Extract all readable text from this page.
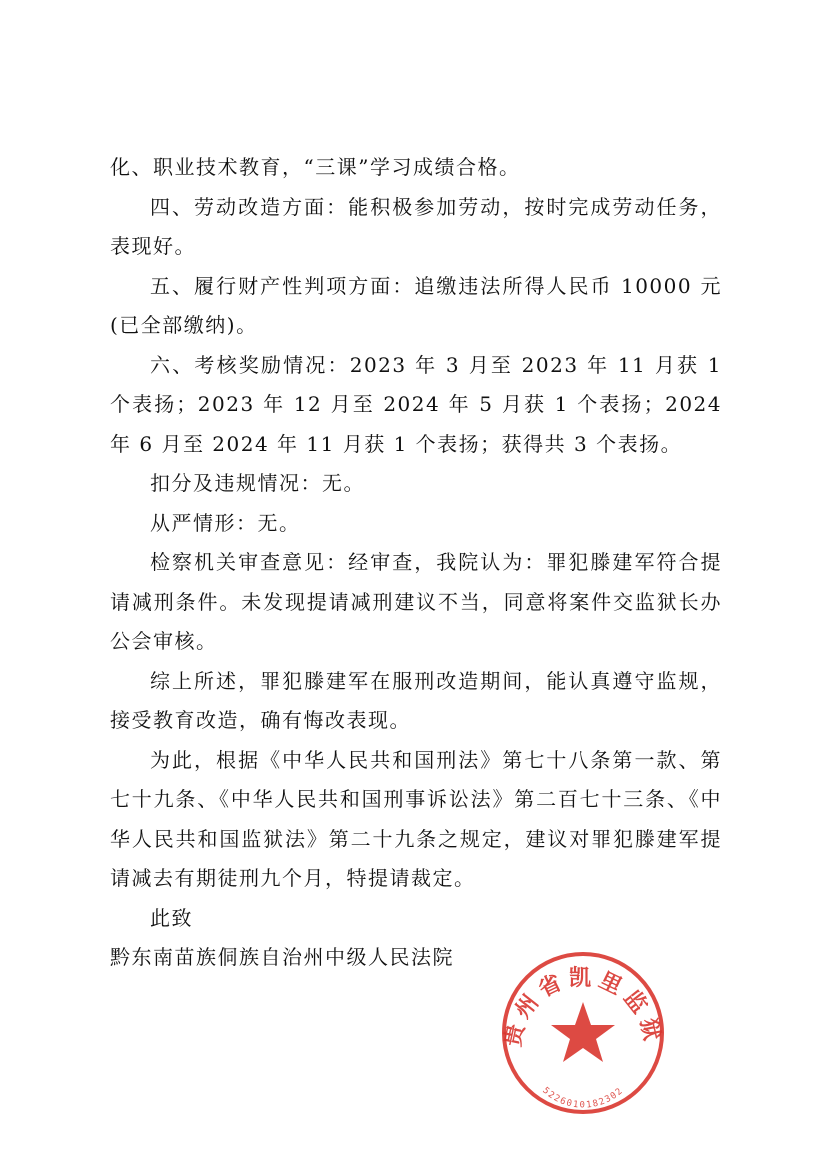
化、职业技术教育，“三课”学习成绩合格。

四、劳动改造方面：能积极参加劳动，按时完成劳动任务，表现好。

五、履行财产性判项方面：追缴违法所得人民币 10000 元(已全部缴纳)。

六、考核奖励情况：2023 年 3 月至 2023 年 11 月获 1 个表扬；2023 年 12 月至 2024 年 5 月获 1 个表扬；2024 年 6 月至 2024 年 11 月获 1 个表扬；获得共 3 个表扬。

扣分及违规情况：无。

从严情形：无。

检察机关审查意见：经审查，我院认为：罪犯滕建军符合提请减刑条件。未发现提请减刑建议不当，同意将案件交监狱长办公会审核。

综上所述，罪犯滕建军在服刑改造期间，能认真遵守监规，接受教育改造，确有悔改表现。

为此，根据《中华人民共和国刑法》第七十八条第一款、第七十九条、《中华人民共和国刑事诉讼法》第二百七十三条、《中华人民共和国监狱法》第二十九条之规定，建议对罪犯滕建军提请减去有期徒刑九个月，特提请裁定。

此致

黔东南苗族侗族自治州中级人民法院

贵州省凯里监狱
5226010182302
